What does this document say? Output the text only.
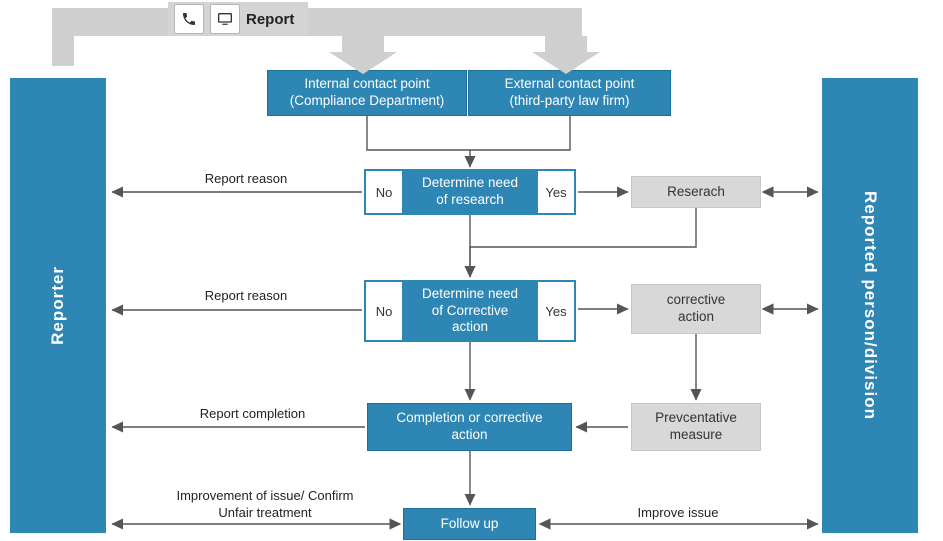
Report
Reporter	Reported person/division
Internal contact point
(Compliance Department)
External contact point
(third-party law firm)
No
Determine need
of research	Yes
No
Determine need
of Corrective
action
Yes
Reserach
corrective
action
Prevcentative
measure
Completion or corrective
action
Follow up
Report reason
Report reason
Report completion
Improvement of issue/ Confirm
Unfair treatment	Improve issue
